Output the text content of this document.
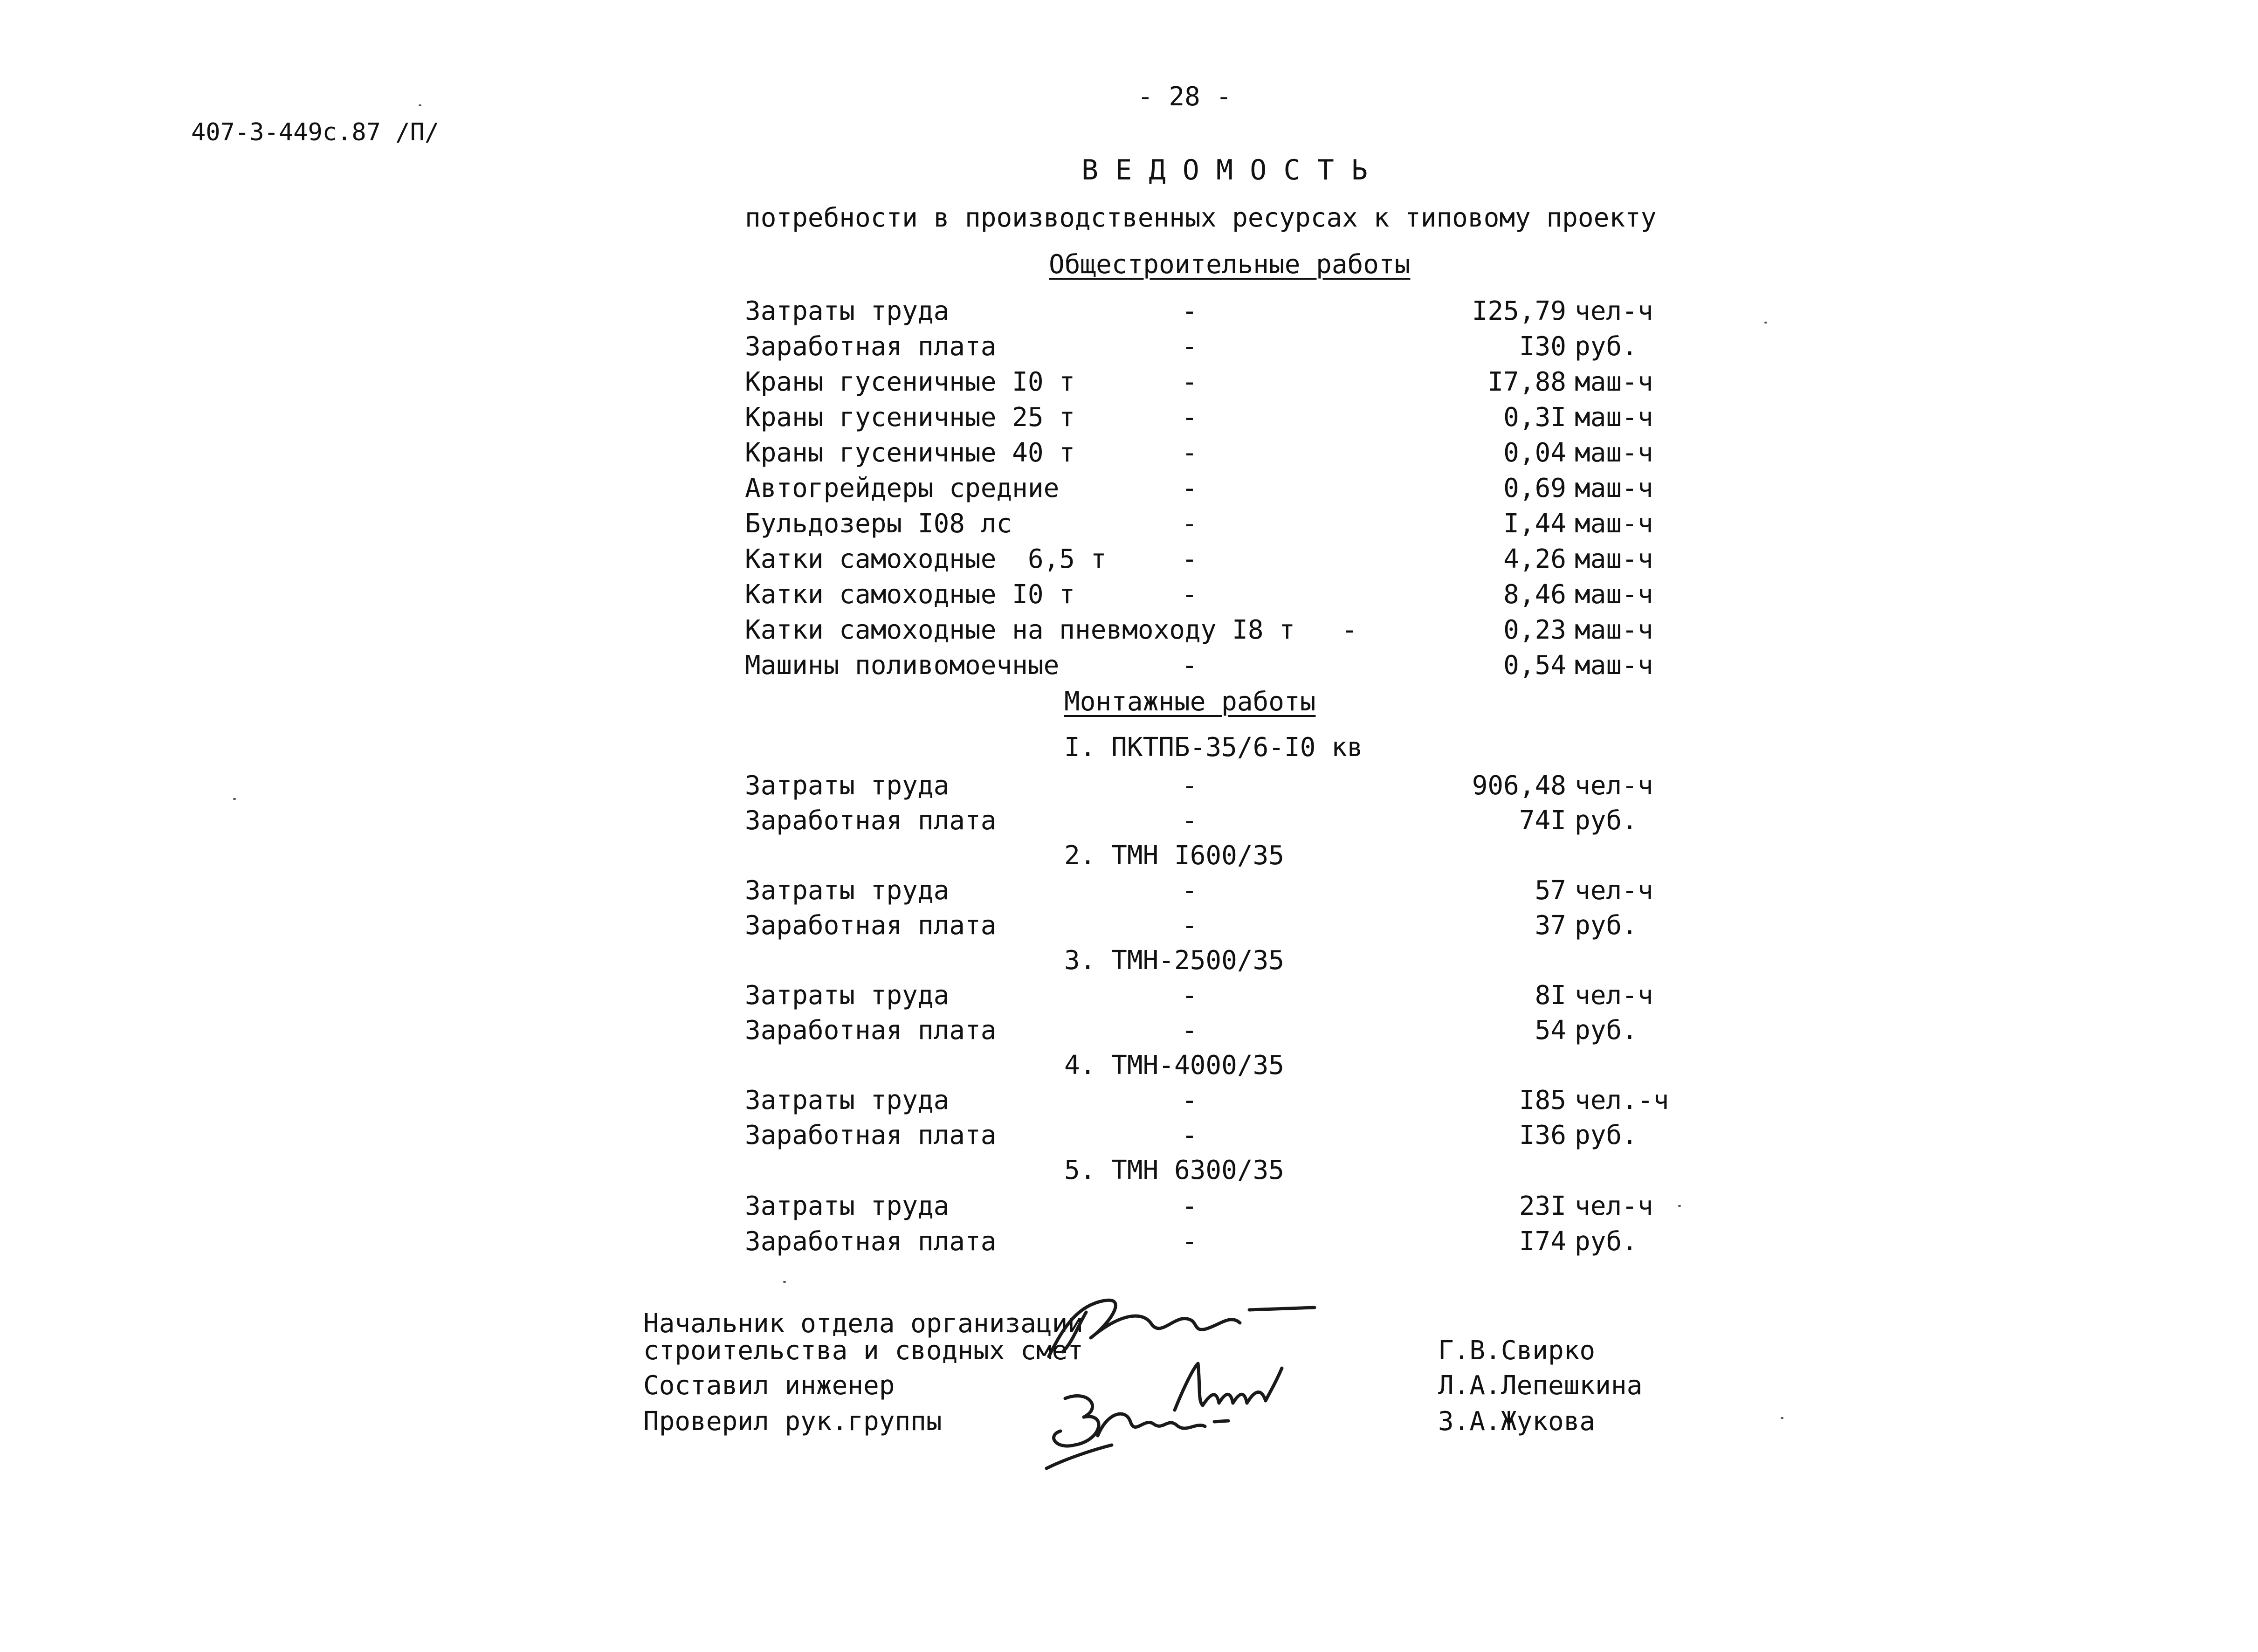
407-3-449с.87 /П/
- 28 -
В Е Д О М О С Т Ь
потребности в производственных ресурсах к типовому проекту
Общестроительные работы
Затраты труда	-	I25,79 чел-ч
Заработная плата	-	I30 руб.
Краны гусеничные I0 т	-	I7,88 маш-ч
Краны гусеничные 25 т	-	0,3I маш-ч
Краны гусеничные 40 т	-	0,04 маш-ч
Автогрейдеры средние	-	0,69 маш-ч
Бульдозеры I08 лс	-	I,44 маш-ч
Катки самоходные  6,5 т	-	4,26 маш-ч
Катки самоходные I0 т	-	8,46 маш-ч
Катки самоходные на пневмоходу I8 т -	0,23 маш-ч
Машины поливомоечные	-	0,54 маш-ч
Монтажные работы
I. ПКТПБ-35/6-I0 кв
Затраты труда	-	906,48 чел-ч
Заработная плата	-	74I руб.
2. ТМН I600/35
Затраты труда	-	57 чел-ч
Заработная плата	-	37 руб.
3. ТМН-2500/35
Затраты труда	-	8I чел-ч
Заработная плата	-	54 руб.
4. ТМН-4000/35
Затраты труда	-	I85 чел.-ч
Заработная плата	-	I36 руб.
5. ТМН 6300/35
Затраты труда	-	23I чел-ч
Заработная плата	-	I74 руб.
Начальник отдела организации
строительства и сводных смет
Составил инженер
Проверил рук.группы
Г.В.Свирко
Л.А.Лепешкина
З.А.Жукова
